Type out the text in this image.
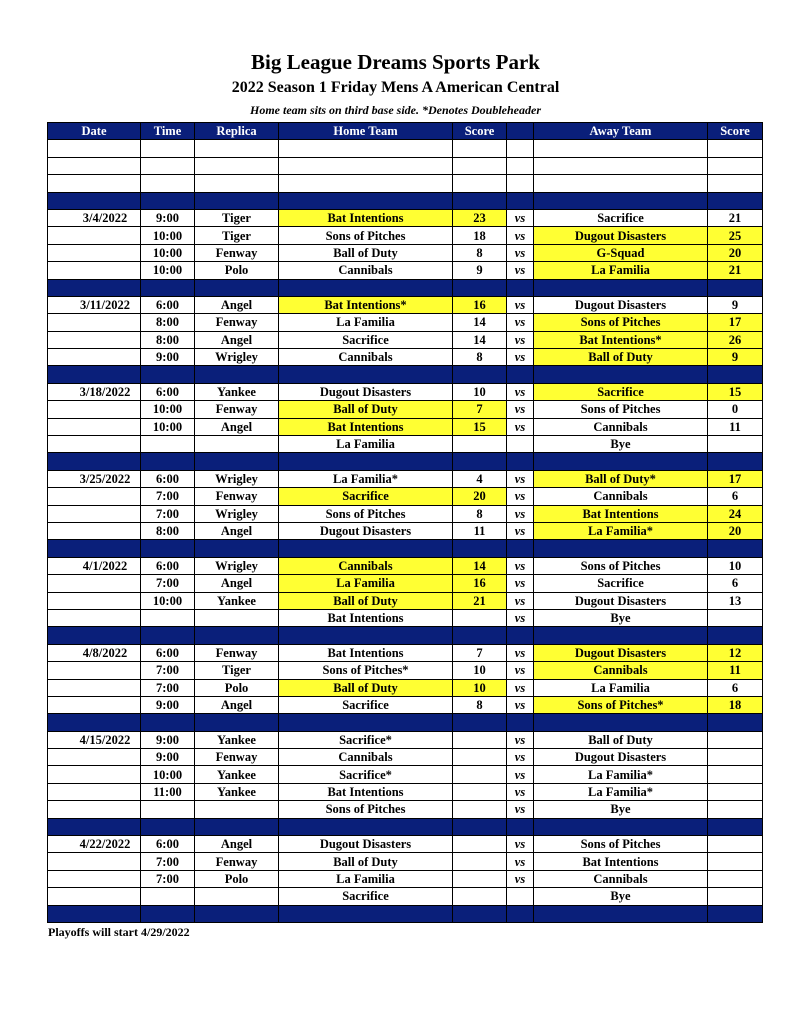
Big League Dreams Sports Park
2022 Season 1 Friday Mens A American Central
Home team sits on third base side. *Denotes Doubleheader
Date	Time	Replica	Home Team	Score		Away Team	Score

3/4/2022	9:00	Tiger	Bat Intentions	23	vs	Sacrifice	21
	10:00	Tiger	Sons of Pitches	18	vs	Dugout Disasters	25
	10:00	Fenway	Ball of Duty	8	vs	G-Squad	20
	10:00	Polo	Cannibals	9	vs	La Familia	21

3/11/2022	6:00	Angel	Bat Intentions*	16	vs	Dugout Disasters	9
	8:00	Fenway	La Familia	14	vs	Sons of Pitches	17
	8:00	Angel	Sacrifice	14	vs	Bat Intentions*	26
	9:00	Wrigley	Cannibals	8	vs	Ball of Duty	9

3/18/2022	6:00	Yankee	Dugout Disasters	10	vs	Sacrifice	15
	10:00	Fenway	Ball of Duty	7	vs	Sons of Pitches	0
	10:00	Angel	Bat Intentions	15	vs	Cannibals	11
			La Familia			Bye	

3/25/2022	6:00	Wrigley	La Familia*	4	vs	Ball of Duty*	17
	7:00	Fenway	Sacrifice	20	vs	Cannibals	6
	7:00	Wrigley	Sons of Pitches	8	vs	Bat Intentions	24
	8:00	Angel	Dugout Disasters	11	vs	La Familia*	20

4/1/2022	6:00	Wrigley	Cannibals	14	vs	Sons of Pitches	10
	7:00	Angel	La Familia	16	vs	Sacrifice	6
	10:00	Yankee	Ball of Duty	21	vs	Dugout Disasters	13
			Bat Intentions		vs	Bye	

4/8/2022	6:00	Fenway	Bat Intentions	7	vs	Dugout Disasters	12
	7:00	Tiger	Sons of Pitches*	10	vs	Cannibals	11
	7:00	Polo	Ball of Duty	10	vs	La Familia	6
	9:00	Angel	Sacrifice	8	vs	Sons of Pitches*	18

4/15/2022	9:00	Yankee	Sacrifice*		vs	Ball of Duty	
	9:00	Fenway	Cannibals		vs	Dugout Disasters	
	10:00	Yankee	Sacrifice*		vs	La Familia*	
	11:00	Yankee	Bat Intentions		vs	La Familia*	
			Sons of Pitches		vs	Bye	

4/22/2022	6:00	Angel	Dugout Disasters		vs	Sons of Pitches	
	7:00	Fenway	Ball of Duty		vs	Bat Intentions	
	7:00	Polo	La Familia		vs	Cannibals	
			Sacrifice			Bye	

Playoffs will start 4/29/2022
